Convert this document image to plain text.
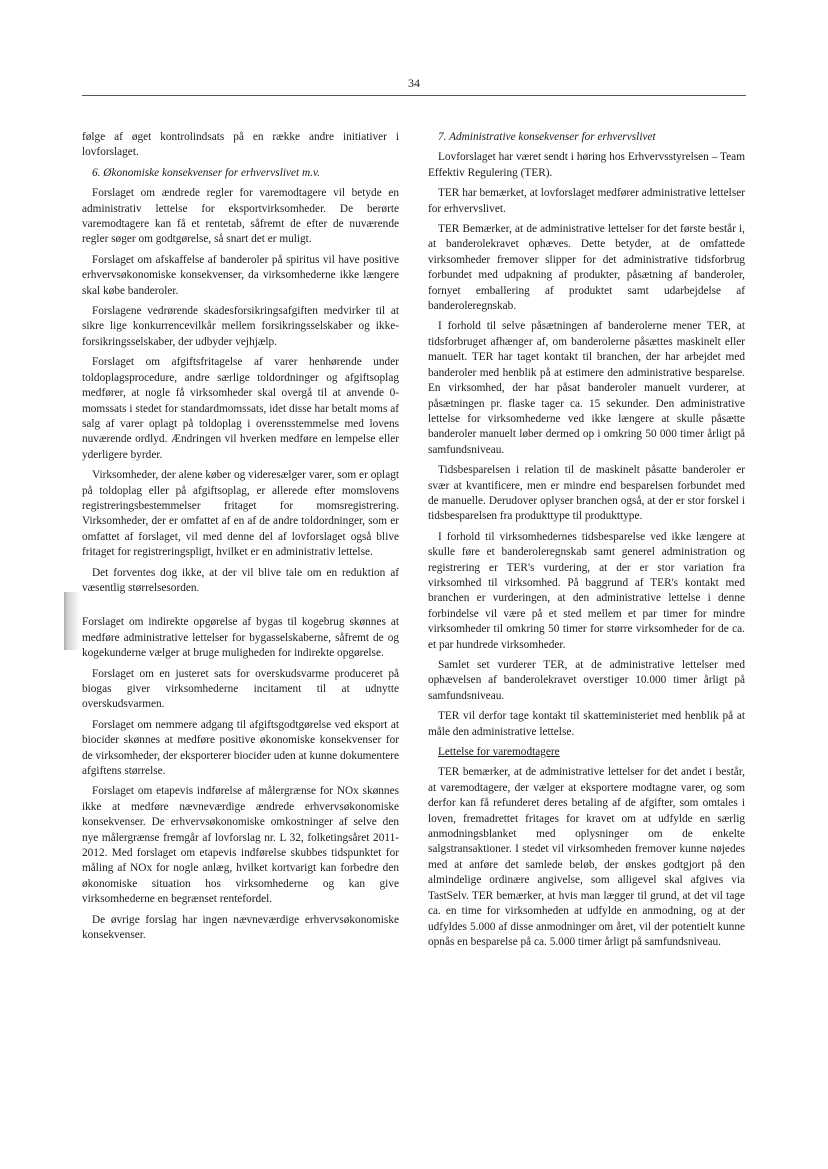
34

følge af øget kontrolindsats på en række andre initiativer i lovforslaget.

6. Økonomiske konsekvenser for erhvervslivet m.v.

Forslaget om ændrede regler for varemodtagere vil betyde en administrativ lettelse for eksportvirksomheder. De berørte varemodtagere kan få et rentetab, såfremt de efter de nuværende regler søger om godtgørelse, så snart det er muligt.

Forslaget om afskaffelse af banderoler på spiritus vil have positive erhvervsøkonomiske konsekvenser, da virksomhederne ikke længere skal købe banderoler.

Forslagene vedrørende skadesforsikringsafgiften medvirker til at sikre lige konkurrencevilkår mellem forsikringsselskaber og ikke-forsikringsselskaber, der udbyder vejhjælp.

Forslaget om afgiftsfritagelse af varer henhørende under toldoplagsprocedure, andre særlige toldordninger og afgiftsoplag medfører, at nogle få virksomheder skal overgå til at anvende 0-momssats i stedet for standardmomssats, idet disse har betalt moms af salg af varer oplagt på toldoplag i overensstemmelse med lovens nuværende ordlyd. Ændringen vil hverken medføre en lempelse eller yderligere byrder.

Virksomheder, der alene køber og videresælger varer, som er oplagt på toldoplag eller på afgiftsoplag, er allerede efter momslovens registreringsbestemmelser fritaget for momsregistrering. Virksomheder, der er omfattet af en af de andre toldordninger, som er omfattet af forslaget, vil med denne del af lovforslaget også blive fritaget for registreringspligt, hvilket er en administrativ lettelse.

Det forventes dog ikke, at der vil blive tale om en reduktion af væsentlig størrelsesorden.

Forslaget om indirekte opgørelse af bygas til kogebrug skønnes at medføre administrative lettelser for bygasselskaberne, såfremt de og kogekunderne vælger at bruge muligheden for indirekte opgørelse.

Forslaget om en justeret sats for overskudsvarme produceret på biogas giver virksomhederne incitament til at udnytte overskudsvarmen.

Forslaget om nemmere adgang til afgiftsgodtgørelse ved eksport at biocider skønnes at medføre positive økonomiske konsekvenser for de virksomheder, der eksporterer biocider uden at kunne dokumentere afgiftens størrelse.

Forslaget om etapevis indførelse af målergrænse for NOx skønnes ikke at medføre nævneværdige ændrede erhvervsøkonomiske konsekvenser. De erhvervsøkonomiske omkostninger af selve den nye målergrænse fremgår af lovforslag nr. L 32, folketingsåret 2011-2012. Med forslaget om etapevis indførelse skubbes tidspunktet for måling af NOx for nogle anlæg, hvilket kortvarigt kan forbedre den økonomiske situation hos virksomhederne og kan give virksomhederne en begrænset rentefordel.

De øvrige forslag har ingen nævneværdige erhvervsøkonomiske konsekvenser.

7. Administrative konsekvenser for erhvervslivet

Lovforslaget har været sendt i høring hos Erhvervsstyrelsen – Team Effektiv Regulering (TER).

TER har bemærket, at lovforslaget medfører administrative lettelser for erhvervslivet.

TER Bemærker, at de administrative lettelser for det første består i, at banderolekravet ophæves. Dette betyder, at de omfattede virksomheder fremover slipper for det administrative tidsforbrug forbundet med udpakning af produkter, påsætning af banderoler, fornyet emballering af produktet samt udarbejdelse af banderoleregnskab.

I forhold til selve påsætningen af banderolerne mener TER, at tidsforbruget afhænger af, om banderolerne påsættes maskinelt eller manuelt. TER har taget kontakt til branchen, der har arbejdet med banderoler med henblik på at estimere den administrative besparelse. En virksomhed, der har påsat banderoler manuelt vurderer, at påsætningen pr. flaske tager ca. 15 sekunder. Den administrative lettelse for virksomhederne ved ikke længere at skulle påsætte banderoler manuelt løber dermed op i omkring 50 000 timer årligt på samfundsniveau.

Tidsbesparelsen i relation til de maskinelt påsatte banderoler er svær at kvantificere, men er mindre end besparelsen forbundet med de manuelle. Derudover oplyser branchen også, at der er stor forskel i tidsbesparelsen fra produkttype til produkttype.

I forhold til virksomhedernes tidsbesparelse ved ikke længere at skulle føre et banderoleregnskab samt generel administration og registrering er TER's vurdering, at der er stor variation fra virksomhed til virksomhed. På baggrund af TER's kontakt med branchen er vurderingen, at den administrative lettelse i denne forbindelse vil være på et sted mellem et par timer for mindre virksomheder til omkring 50 timer for større virksomheder for de ca. et par hundrede virksomheder.

Samlet set vurderer TER, at de administrative lettelser med ophævelsen af banderolekravet overstiger 10.000 timer årligt på samfundsniveau.

TER vil derfor tage kontakt til skatteministeriet med henblik på at måle den administrative lettelse.

Lettelse for varemodtagere

TER bemærker, at de administrative lettelser for det andet i består, at varemodtagere, der vælger at eksportere modtagne varer, og som derfor kan få refunderet deres betaling af de afgifter, som omtales i loven, fremadrettet fritages for kravet om at udfylde en særlig anmodningsblanket med oplysninger om de enkelte salgstransaktioner. I stedet vil virksomheden fremover kunne nøjedes med at anføre det samlede beløb, der ønskes godtgjort på den almindelige ordinære angivelse, som alligevel skal afgives via TastSelv. TER bemærker, at hvis man lægger til grund, at det vil tage ca. en time for virksomheden at udfylde en anmodning, og at der udfyldes 5.000 af disse anmodninger om året, vil der potentielt kunne opnås en besparelse på ca. 5.000 timer årligt på samfundsniveau.
